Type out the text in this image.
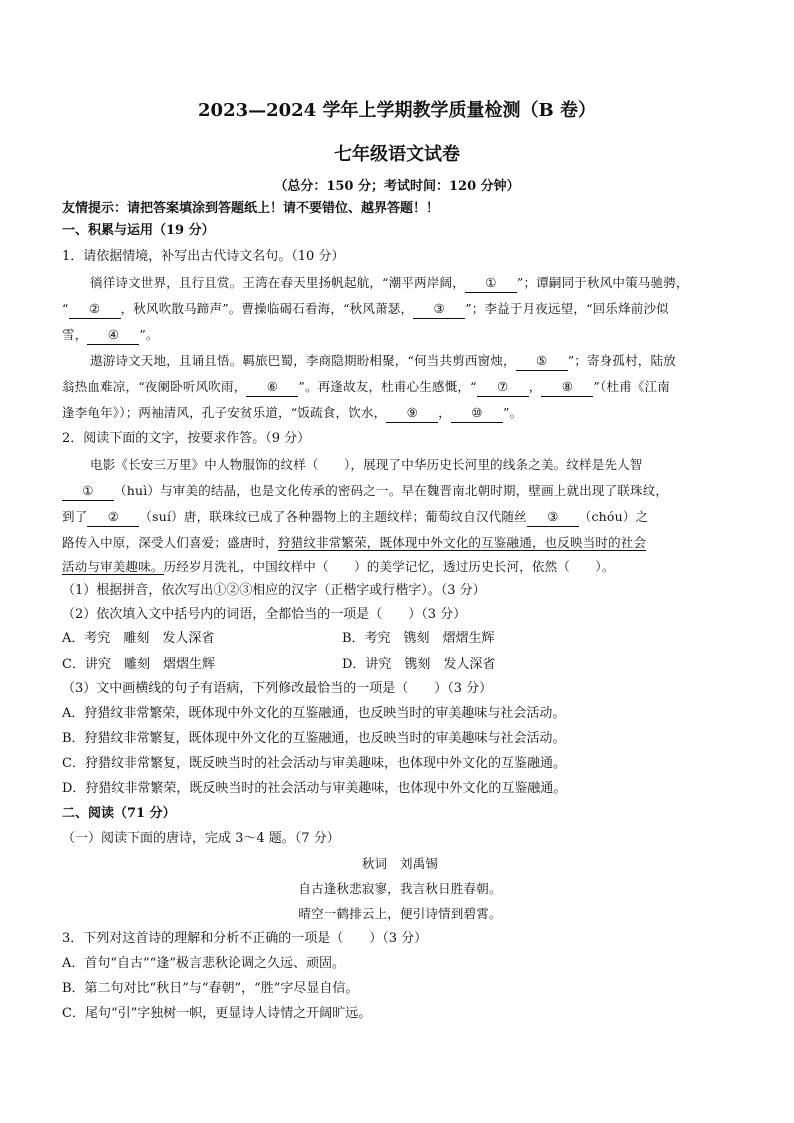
2023—2024 学年上学期教学质量检测（B 卷）
七年级语文试卷
（总分：150 分；考试时间：120 分钟）
友情提示：请把答案填涂到答题纸上！请不要错位、越界答题！！
一、积累与运用（19 分）
1．请依据情境，补写出古代诗文名句。（10 分）
徜徉诗文世界，且行且赏。王湾在春天里扬帆起航，“潮平两岸阔， ① ”；谭嗣同于秋风中策马驰骋，
“ ② ，秋风吹散马蹄声”。曹操临碣石看海，“秋风萧瑟， ③ ”；李益于月夜远望，“回乐烽前沙似
雪， ④ ”。
遨游诗文天地，且诵且悟。羁旅巴蜀，李商隐期盼相聚，“何当共剪西窗烛， ⑤ ”；寄身孤村，陆放
翁热血难凉，“夜阑卧听风吹雨， ⑥ ”。再逢故友，杜甫心生感慨，“ ⑦ ， ⑧ ”（杜甫《江南
逢李龟年》）；两袖清风，孔子安贫乐道，“饭疏食，饮水， ⑨ ， ⑩ ”。
2．阅读下面的文字，按要求作答。（9 分）
电影《长安三万里》中人物服饰的纹样（　　），展现了中华历史长河里的线条之美。纹样是先人智
① （huì）与审美的结晶，也是文化传承的密码之一。早在魏晋南北朝时期，壁画上就出现了联珠纹，
到了 ② （suí）唐，联珠纹已成了各种器物上的主题纹样；葡萄纹自汉代随丝 ③ （chóu）之
路传入中原，深受人们喜爱；盛唐时，狩猎纹非常繁荣，既体现中外文化的互鉴融通，也反映当时的社会
活动与审美趣味。历经岁月洗礼，中国纹样中（　　）的美学记忆，透过历史长河，依然（　　）。
（1）根据拼音，依次写出①②③相应的汉字（正楷字或行楷字）。（3 分）
（2）依次填入文中括号内的词语，全都恰当的一项是（　　）（3 分）
A．考究　雕刻　发人深省	B．考究　镌刻　熠熠生辉
C．讲究　雕刻　熠熠生辉	D．讲究　镌刻　发人深省
（3）文中画横线的句子有语病，下列修改最恰当的一项是（　　）（3 分）
A．狩猎纹非常繁荣，既体现中外文化的互鉴融通，也反映当时的审美趣味与社会活动。
B．狩猎纹非常繁复，既体现中外文化的互鉴融通，也反映当时的审美趣味与社会活动。
C．狩猎纹非常繁复，既反映当时的社会活动与审美趣味，也体现中外文化的互鉴融通。
D．狩猎纹非常繁荣，既反映当时的社会活动与审美趣味，也体现中外文化的互鉴融通。
二、阅读（71 分）
（一）阅读下面的唐诗，完成 3～4 题。（7 分）
秋词　刘禹锡
自古逢秋悲寂寥，我言秋日胜春朝。
晴空一鹤排云上，便引诗情到碧霄。
3．下列对这首诗的理解和分析不正确的一项是（　　）（3 分）
A．首句“自古”“逢”极言悲秋论调之久远、顽固。
B．第二句对比“秋日”与“春朝”，“胜”字尽显自信。
C．尾句“引”字独树一帜，更显诗人诗情之开阔旷远。
